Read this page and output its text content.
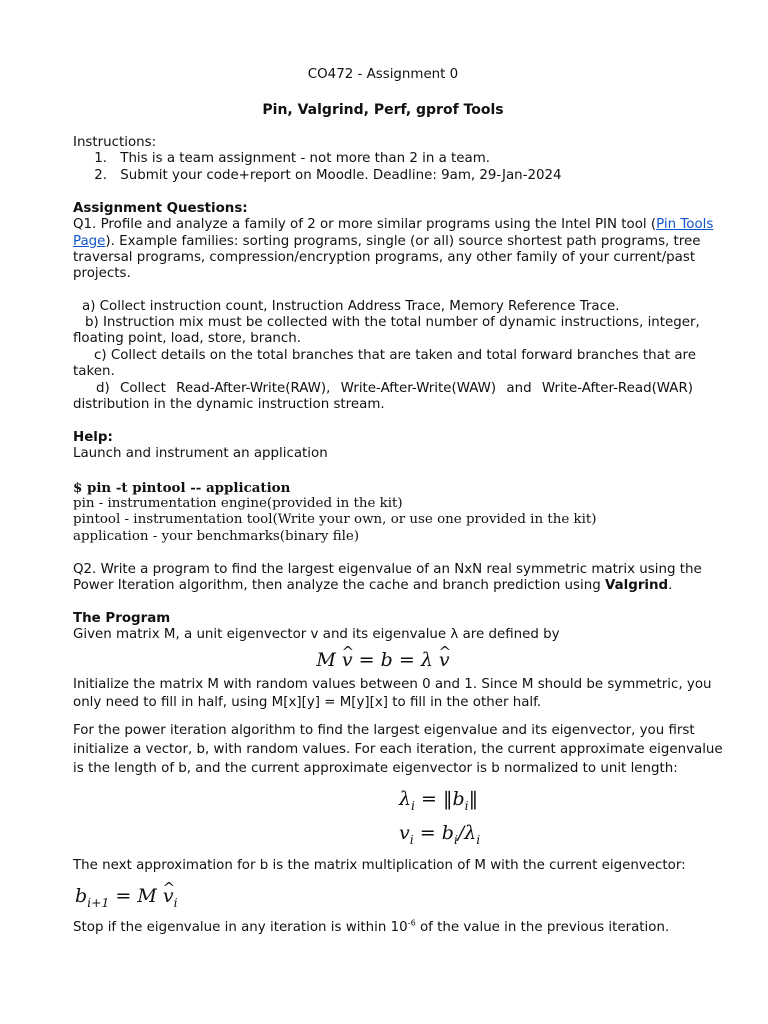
CO472 - Assignment 0
Pin, Valgrind, Perf, gprof Tools
Instructions:
1. This is a team assignment - not more than 2 in a team.
2. Submit your code+report on Moodle. Deadline: 9am, 29-Jan-2024
Assignment Questions:
Q1. Profile and analyze a family of 2 or more similar programs using the Intel PIN tool (Pin Tools
Page). Example families: sorting programs, single (or all) source shortest path programs, tree
traversal programs, compression/encryption programs, any other family of your current/past
projects.
a) Collect instruction count, Instruction Address Trace, Memory Reference Trace.
b) Instruction mix must be collected with the total number of dynamic instructions, integer,
floating point, load, store, branch.
c) Collect details on the total branches that are taken and total forward branches that are
taken.
d) Collect Read-After-Write(RAW), Write-After-Write(WAW) and Write-After-Read(WAR)
distribution in the dynamic instruction stream.
Help:
Launch and instrument an application
$ pin -t pintool -- application
pin - instrumentation engine(provided in the kit)
pintool - instrumentation tool(Write your own, or use one provided in the kit)
application - your benchmarks(binary file)
Q2. Write a program to find the largest eigenvalue of an NxN real symmetric matrix using the
Power Iteration algorithm, then analyze the cache and branch prediction using Valgrind.
The Program
Given matrix M, a unit eigenvector v and its eigenvalue λ are defined by
M ^ v = b = λ ^ v
Initialize the matrix M with random values between 0 and 1. Since M should be symmetric, you
only need to fill in half, using M[x][y] = M[y][x] to fill in the other half.
For the power iteration algorithm to find the largest eigenvalue and its eigenvector, you first
initialize a vector, b, with random values. For each iteration, the current approximate eigenvalue
is the length of b, and the current approximate eigenvector is b normalized to unit length:
$\lambda_i$ = $‖b_i‖$
$v_i = b_i/\lambda_i$
The next approximation for b is the matrix multiplication of M with the current eigenvector:
$b_{i+1} = M$ ^ $v_i$
Stop if the eigenvalue in any iteration is within $10^{-6}$ of the value in the previous iteration.
